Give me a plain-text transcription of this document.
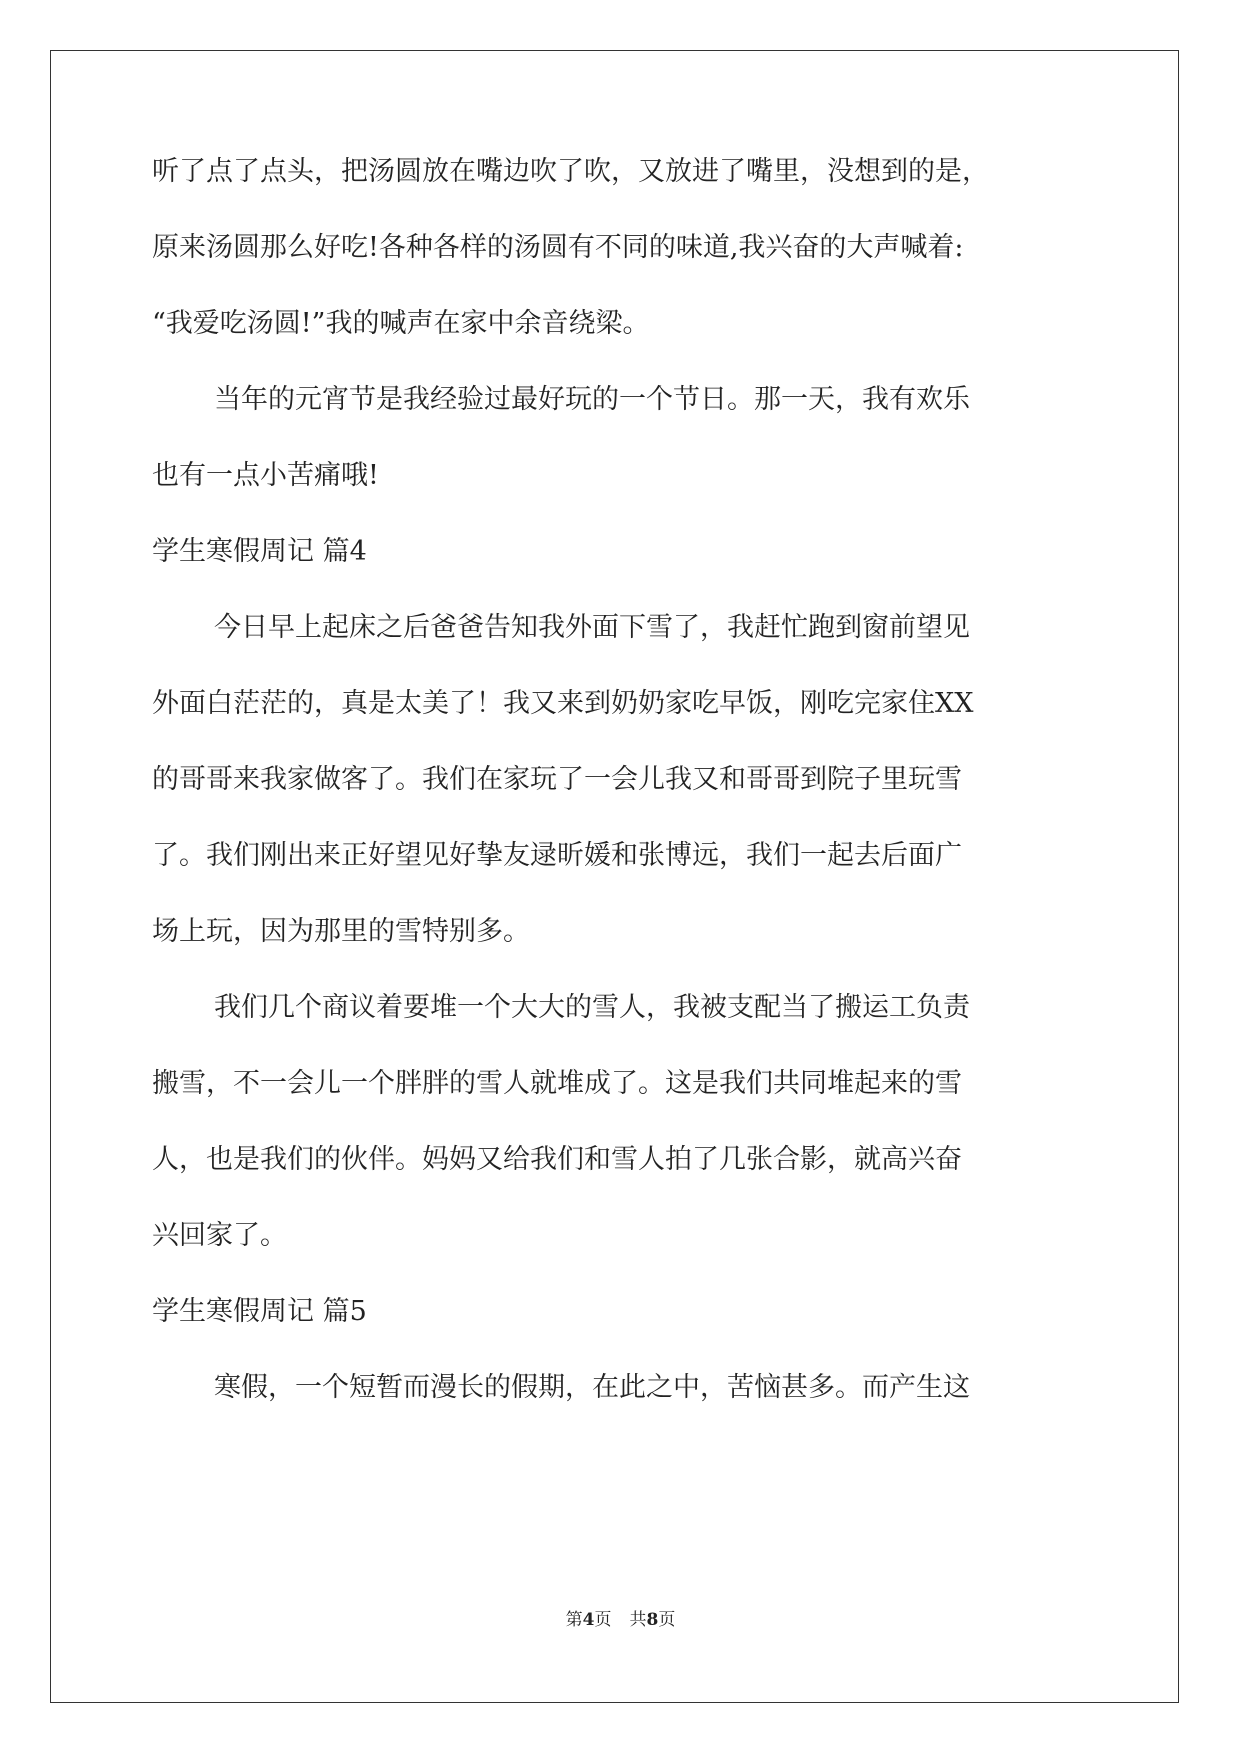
听了点了点头，把汤圆放在嘴边吹了吹，又放进了嘴里，没想到的是，
原来汤圆那么好吃!各种各样的汤圆有不同的味道,我兴奋的大声喊着:
“我爱吃汤圆!”我的喊声在家中余音绕梁。
当年的元宵节是我经验过最好玩的一个节日。那一天，我有欢乐
也有一点小苦痛哦!
学生寒假周记 篇4
今日早上起床之后爸爸告知我外面下雪了，我赶忙跑到窗前望见
外面白茫茫的，真是太美了！我又来到奶奶家吃早饭，刚吃完家住XX
的哥哥来我家做客了。我们在家玩了一会儿我又和哥哥到院子里玩雪
了。我们刚出来正好望见好挚友逯昕媛和张博远，我们一起去后面广
场上玩，因为那里的雪特别多。
我们几个商议着要堆一个大大的雪人，我被支配当了搬运工负责
搬雪，不一会儿一个胖胖的雪人就堆成了。这是我们共同堆起来的雪
人，也是我们的伙伴。妈妈又给我们和雪人拍了几张合影，就高兴奋
兴回家了。
学生寒假周记 篇5
寒假，一个短暂而漫长的假期，在此之中，苦恼甚多。而产生这
第4页 共8页
